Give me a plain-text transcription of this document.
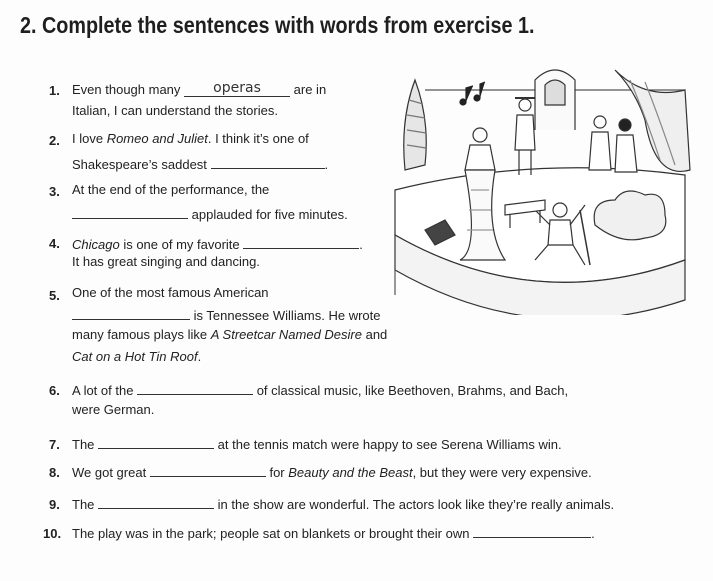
2. Complete the sentences with words from exercise 1.
1. Even though many operas	are in
Italian, I can understand the stories.
2. I love Romeo and Juliet. I think it’s one of
Shakespeare’s saddest	.
3. At the end of the performance, the
applauded for five minutes.
4. Chicago is one of my favorite	.
It has great singing and dancing.
5. One of the most famous American
is Tennessee Williams. He wrote
many famous plays like A Streetcar Named Desire and
Cat on a Hot Tin Roof.
6. A lot of the	of classical music, like Beethoven, Brahms, and Bach,
were German.
7. The	at the tennis match were happy to see Serena Williams win.
8. We got great	for Beauty and the Beast, but they were very expensive.
9. The	in the show are wonderful. The actors look like they’re really animals.
10. The play was in the park; people sat on blankets or brought their own	.
